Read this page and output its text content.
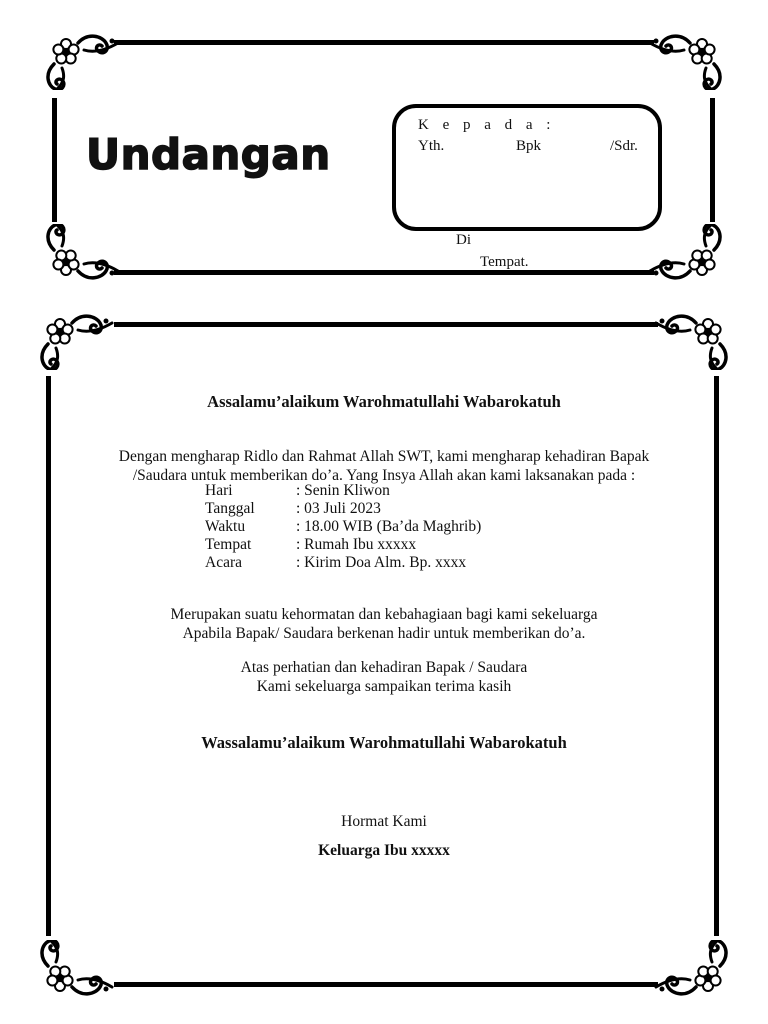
Undangan
K e p a d a :
Yth.	Bpk	/Sdr.
Di
Tempat.
Assalamu’alaikum Warohmatullahi Wabarokatuh
Dengan mengharap Ridlo dan Rahmat Allah SWT, kami mengharap kehadiran Bapak
/Saudara untuk memberikan do’a. Yang Insya Allah akan kami laksanakan pada :
Hari	: Senin Kliwon
Tanggal	: 03 Juli 2023
Waktu	: 18.00 WIB (Ba’da Maghrib)
Tempat	: Rumah Ibu xxxxx
Acara	: Kirim Doa Alm. Bp. xxxx
Merupakan suatu kehormatan dan kebahagiaan bagi kami sekeluarga
Apabila Bapak/ Saudara berkenan hadir untuk memberikan do’a.
Atas perhatian dan kehadiran Bapak / Saudara
Kami sekeluarga sampaikan terima kasih
Wassalamu’alaikum Warohmatullahi Wabarokatuh
Hormat Kami
Keluarga Ibu xxxxx
